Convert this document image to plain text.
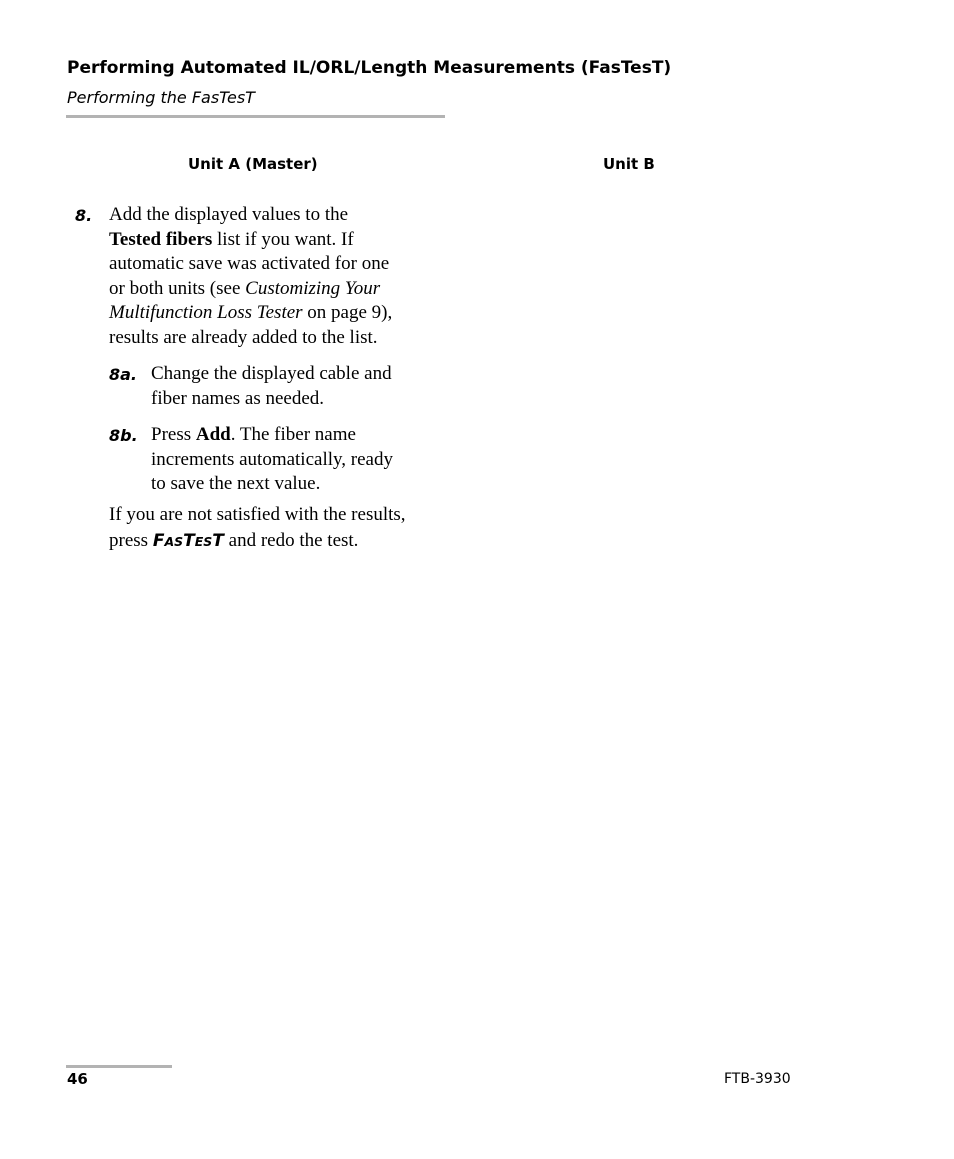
Performing Automated IL/ORL/Length Measurements (FasTesT)
Performing the FasTesT
Unit A (Master)	Unit B
8. Add the displayed values to the
Tested fibers list if you want. If
automatic save was activated for one
or both units (see Customizing Your
Multifunction Loss Tester on page 9),
results are already added to the list.
8a. Change the displayed cable and
fiber names as needed.
8b. Press Add. The fiber name
increments automatically, ready
to save the next value.
If you are not satisfied with the results,
press FASTEST and redo the test.
46	FTB-3930
